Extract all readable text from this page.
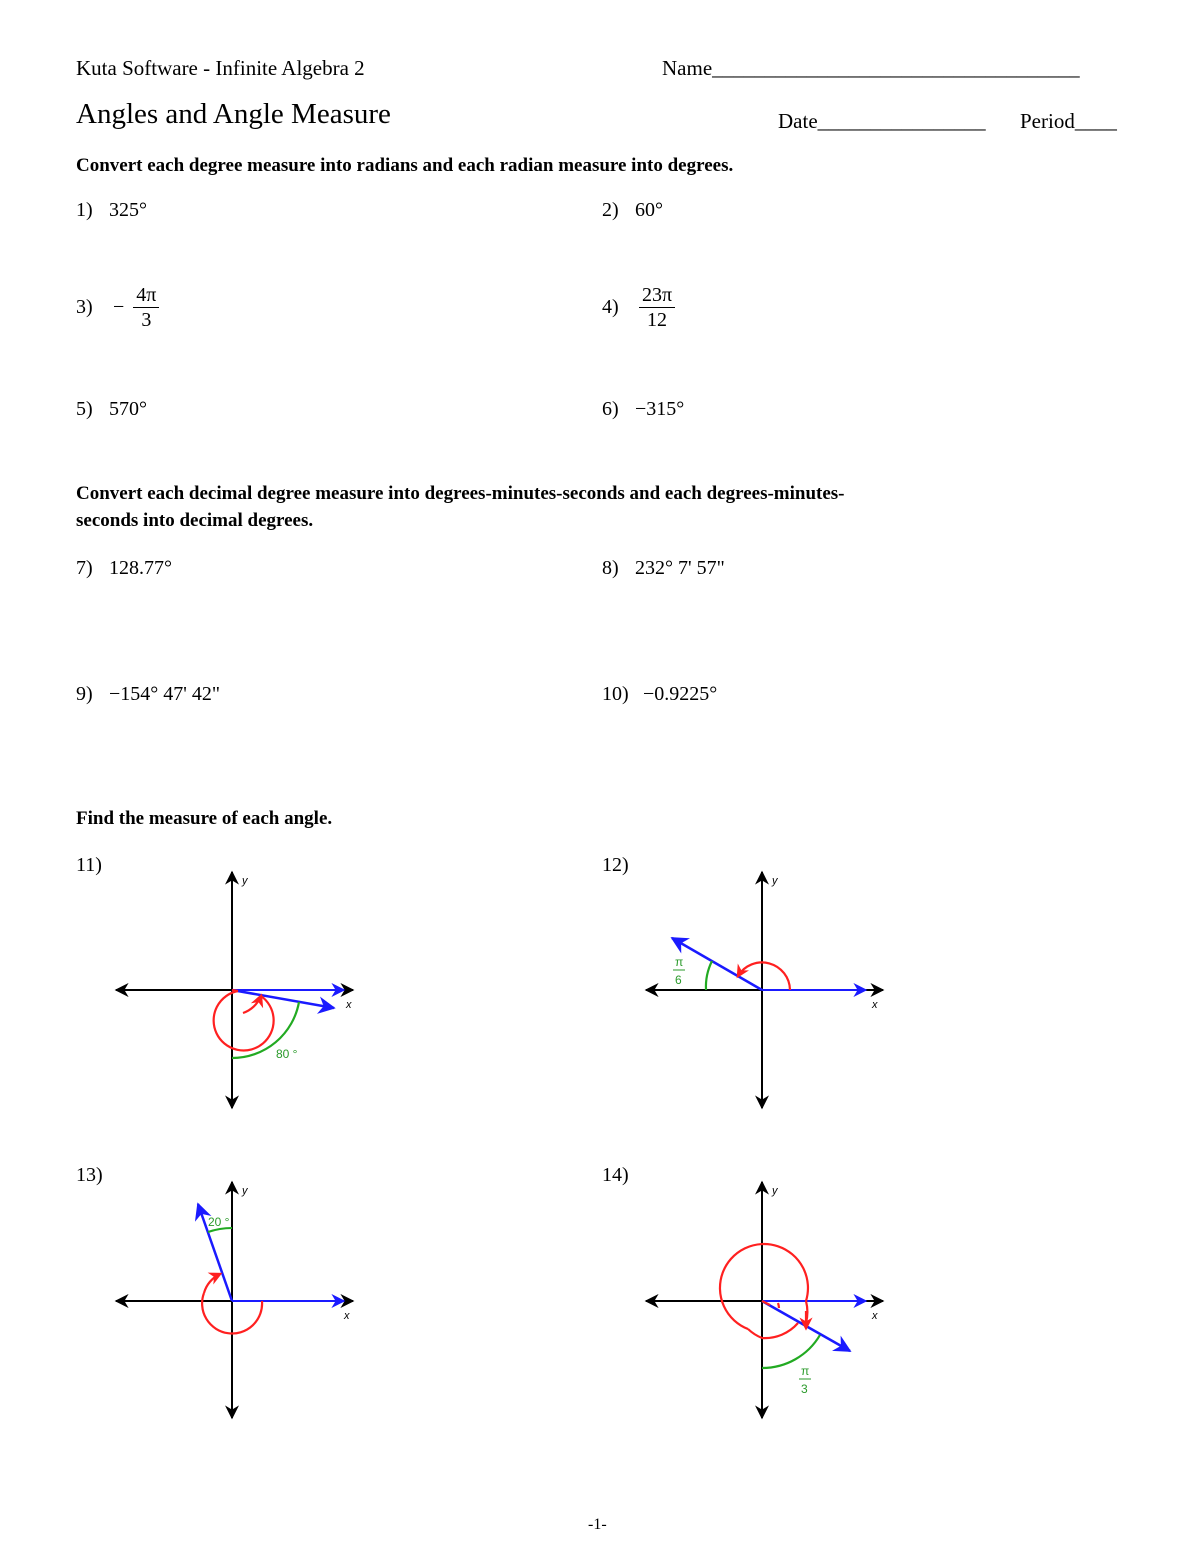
Kuta Software - Infinite Algebra 2	Name___________________________________
Angles and Angle Measure	Date________________ Period____
Convert each degree measure into radians and each radian measure into degrees.
1) 325°	2) 60°
$3) - \frac{4\pi}{3}$	$4) \frac{23\pi}{12}$
5) 570°	6) −315°
Convert each decimal degree measure into degrees-minutes-seconds and each degrees-minutes-seconds into decimal degrees.
7) 128.77°	8) 232° 7' 57"
9) −154° 47' 42"	10) −0.9225°
Find the measure of each angle.
11)	12)
13)	14)
y
x
80 °
y
x
π
6
y
x
20 °
y
x
π
3
-1-
